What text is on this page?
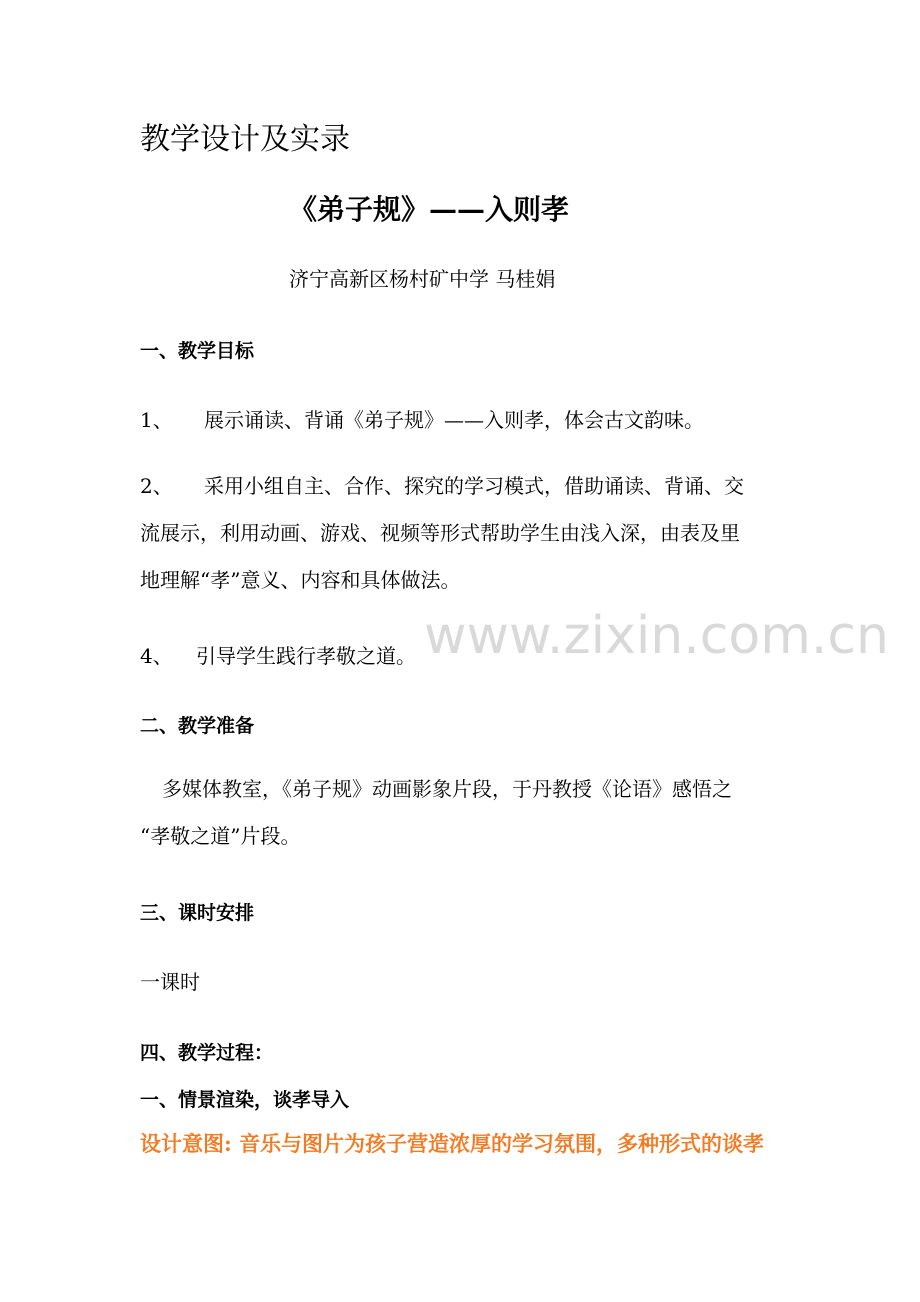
教学设计及实录
《弟子规》——入则孝
济宁高新区杨村矿中学 马桂娟
一、教学目标
1、 展示诵读、背诵《弟子规》——入则孝，体会古文韵味。
2、 采用小组自主、合作、探究的学习模式，借助诵读、背诵、交
流展示，利用动画、游戏、视频等形式帮助学生由浅入深，由表及里
地理解“孝”意义、内容和具体做法。
4、 引导学生践行孝敬之道。 www.zixin.com.cn
二、教学准备
多媒体教室，《弟子规》动画影象片段，于丹教授《论语》感悟之
“孝敬之道”片段。
三、课时安排
一课时
四、教学过程：
一、情景渲染，谈孝导入
设计意图: 音乐与图片为孩子营造浓厚的学习氛围，多种形式的谈孝
